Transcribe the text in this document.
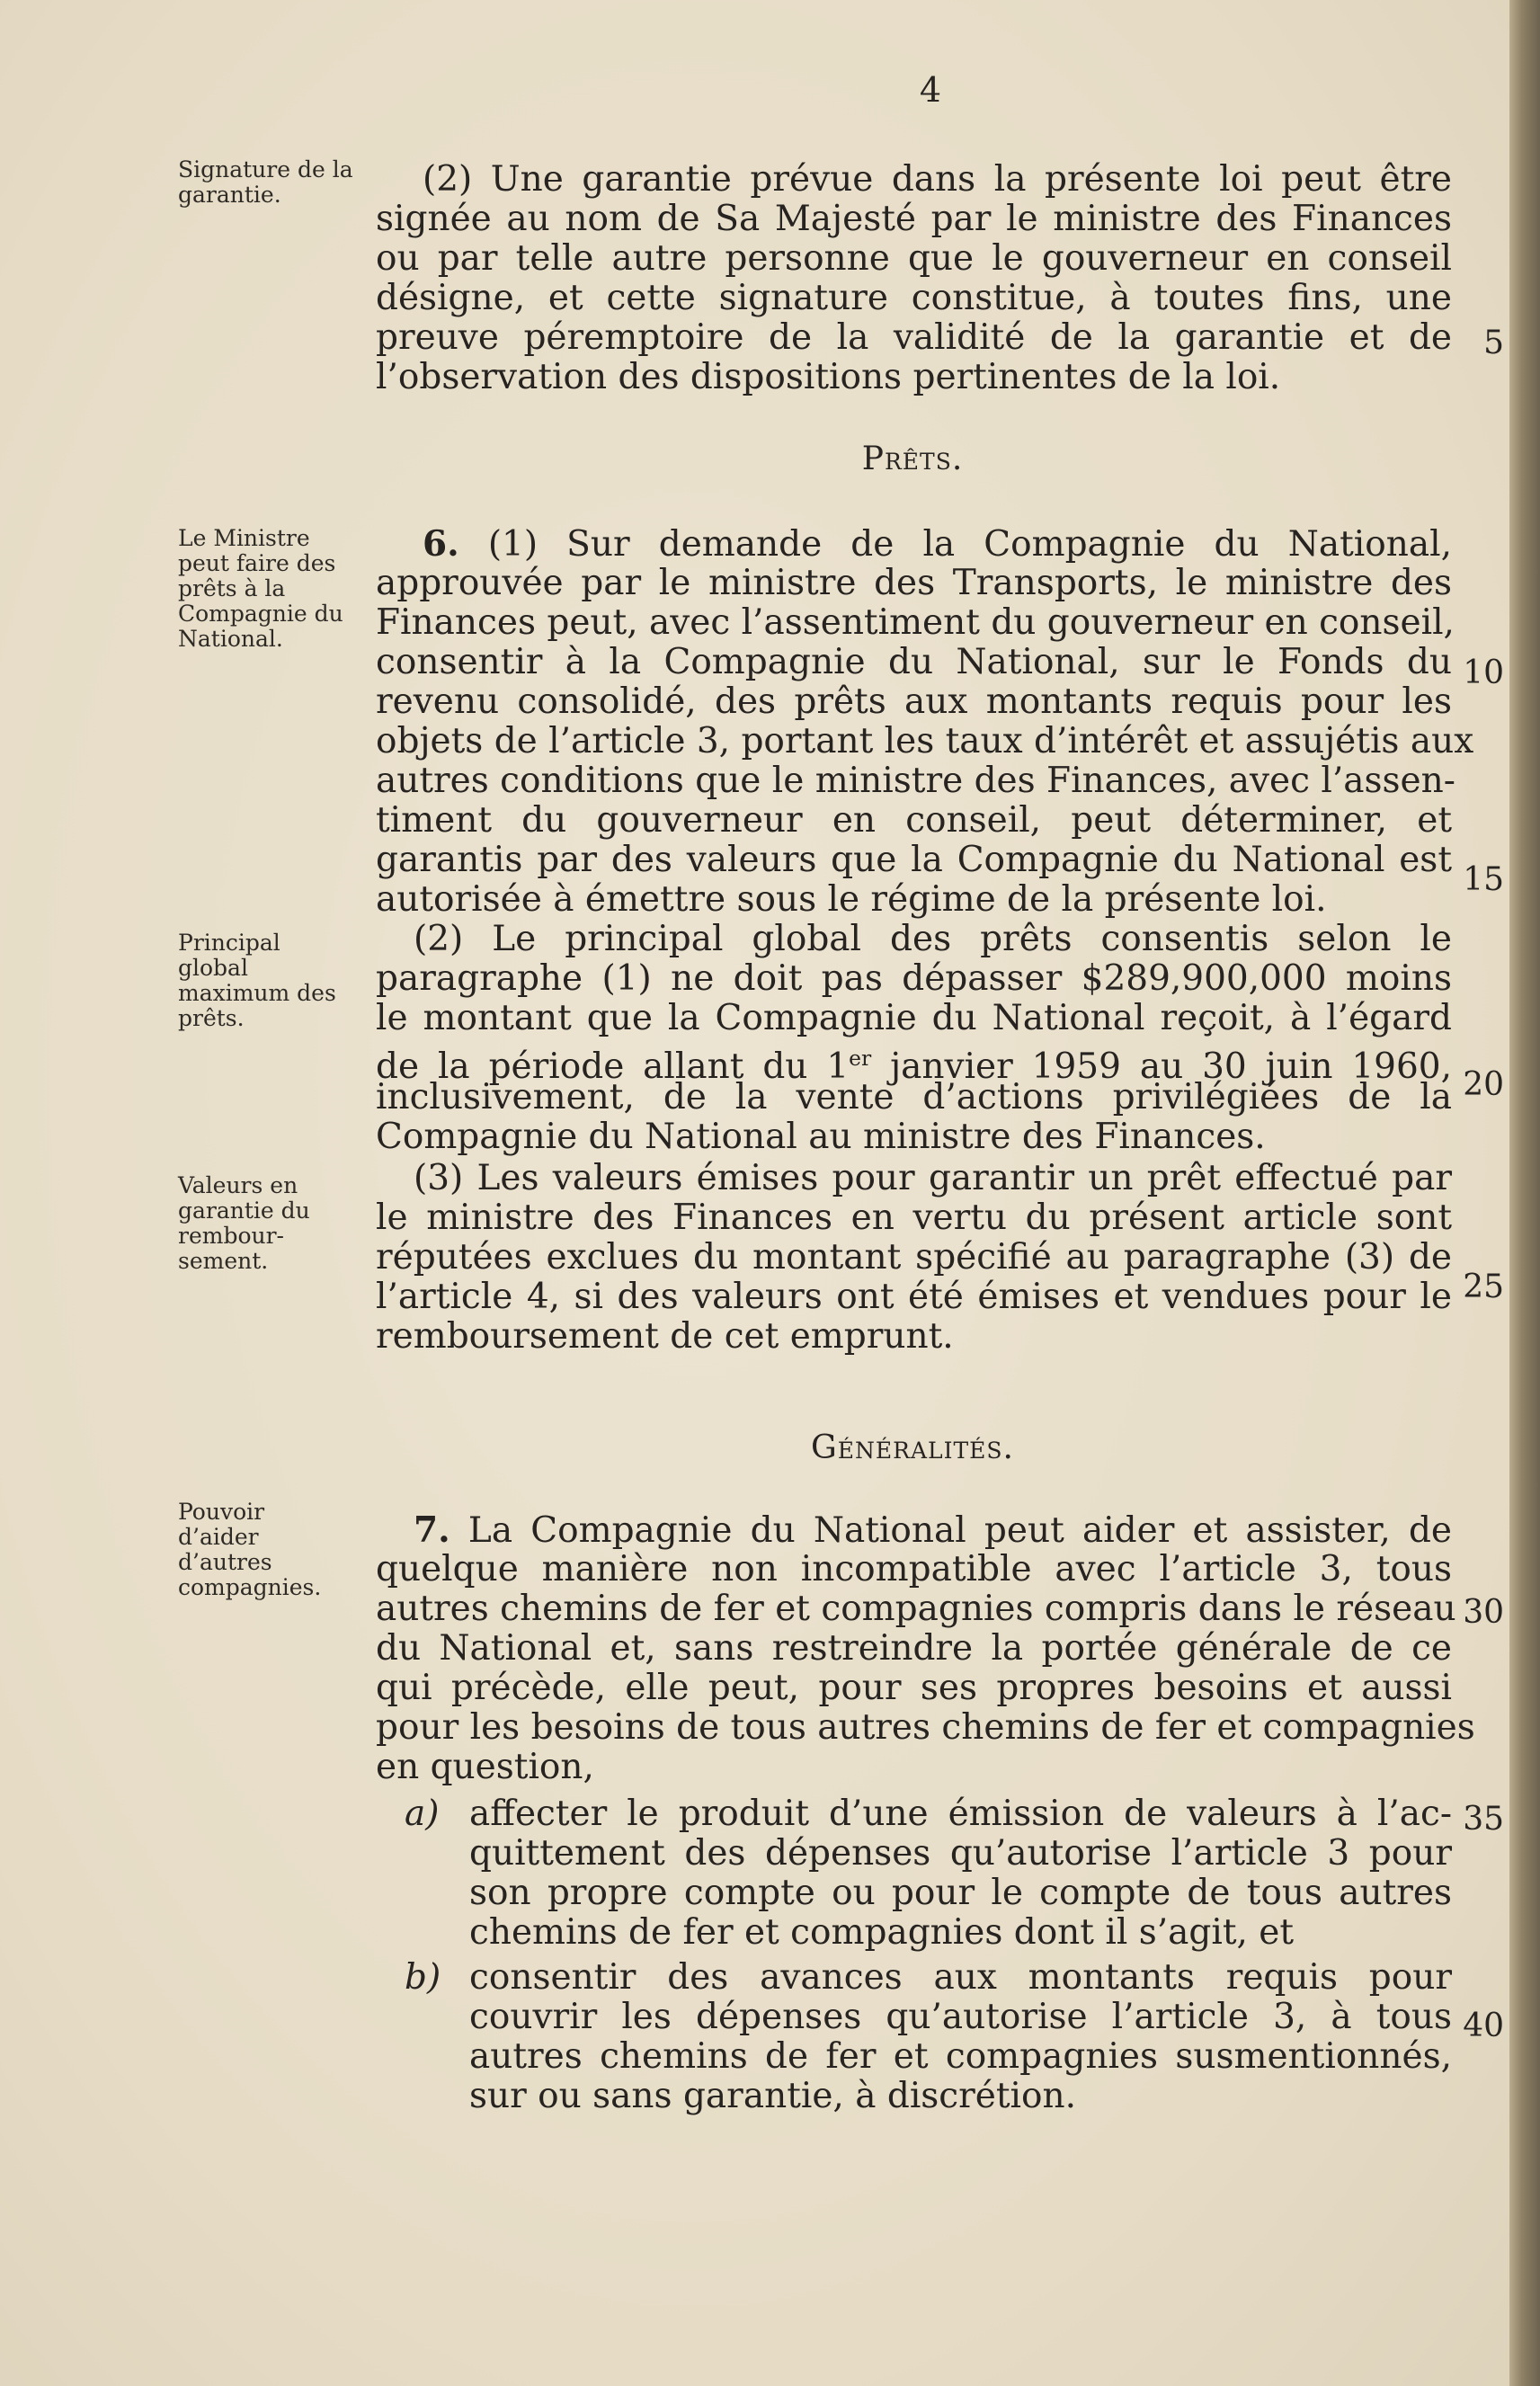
4
Signature de la garantie.
Le Ministre peut faire des prêts à la Compagnie du National.
Principal global maximum des prêts.
Valeurs en garantie du rembour-sement.
Pouvoir d’aider d’autres compagnies.
(2) Une garantie prévue dans la présente loi peut être
signée au nom de Sa Majesté par le ministre des Finances
ou par telle autre personne que le gouverneur en conseil
désigne, et cette signature constitue, à toutes fins, une
preuve péremptoire de la validité de la garantie et de
l’observation des dispositions pertinentes de la loi.
Prêts.
6. (1) Sur demande de la Compagnie du National,
approuvée par le ministre des Transports, le ministre des
Finances peut, avec l’assentiment du gouverneur en conseil,
consentir à la Compagnie du National, sur le Fonds du
revenu consolidé, des prêts aux montants requis pour les
objets de l’article 3, portant les taux d’intérêt et assujétis aux
autres conditions que le ministre des Finances, avec l’assen-
timent du gouverneur en conseil, peut déterminer, et
garantis par des valeurs que la Compagnie du National est
autorisée à émettre sous le régime de la présente loi.
(2) Le principal global des prêts consentis selon le
paragraphe (1) ne doit pas dépasser $289,900,000 moins
le montant que la Compagnie du National reçoit, à l’égard
de la période allant du 1er janvier 1959 au 30 juin 1960,
inclusivement, de la vente d’actions privilégiées de la
Compagnie du National au ministre des Finances.
(3) Les valeurs émises pour garantir un prêt effectué par
le ministre des Finances en vertu du présent article sont
réputées exclues du montant spécifié au paragraphe (3) de
l’article 4, si des valeurs ont été émises et vendues pour le
remboursement de cet emprunt.
Généralités.
7. La Compagnie du National peut aider et assister, de
quelque manière non incompatible avec l’article 3, tous
autres chemins de fer et compagnies compris dans le réseau
du National et, sans restreindre la portée générale de ce
qui précède, elle peut, pour ses propres besoins et aussi
pour les besoins de tous autres chemins de fer et compagnies
en question,
a) affecter le produit d’une émission de valeurs à l’ac-
quittement des dépenses qu’autorise l’article 3 pour
son propre compte ou pour le compte de tous autres
chemins de fer et compagnies dont il s’agit, et
b) consentir des avances aux montants requis pour
couvrir les dépenses qu’autorise l’article 3, à tous
autres chemins de fer et compagnies susmentionnés,
sur ou sans garantie, à discrétion.
5
10
15
20
25
30
35
40
